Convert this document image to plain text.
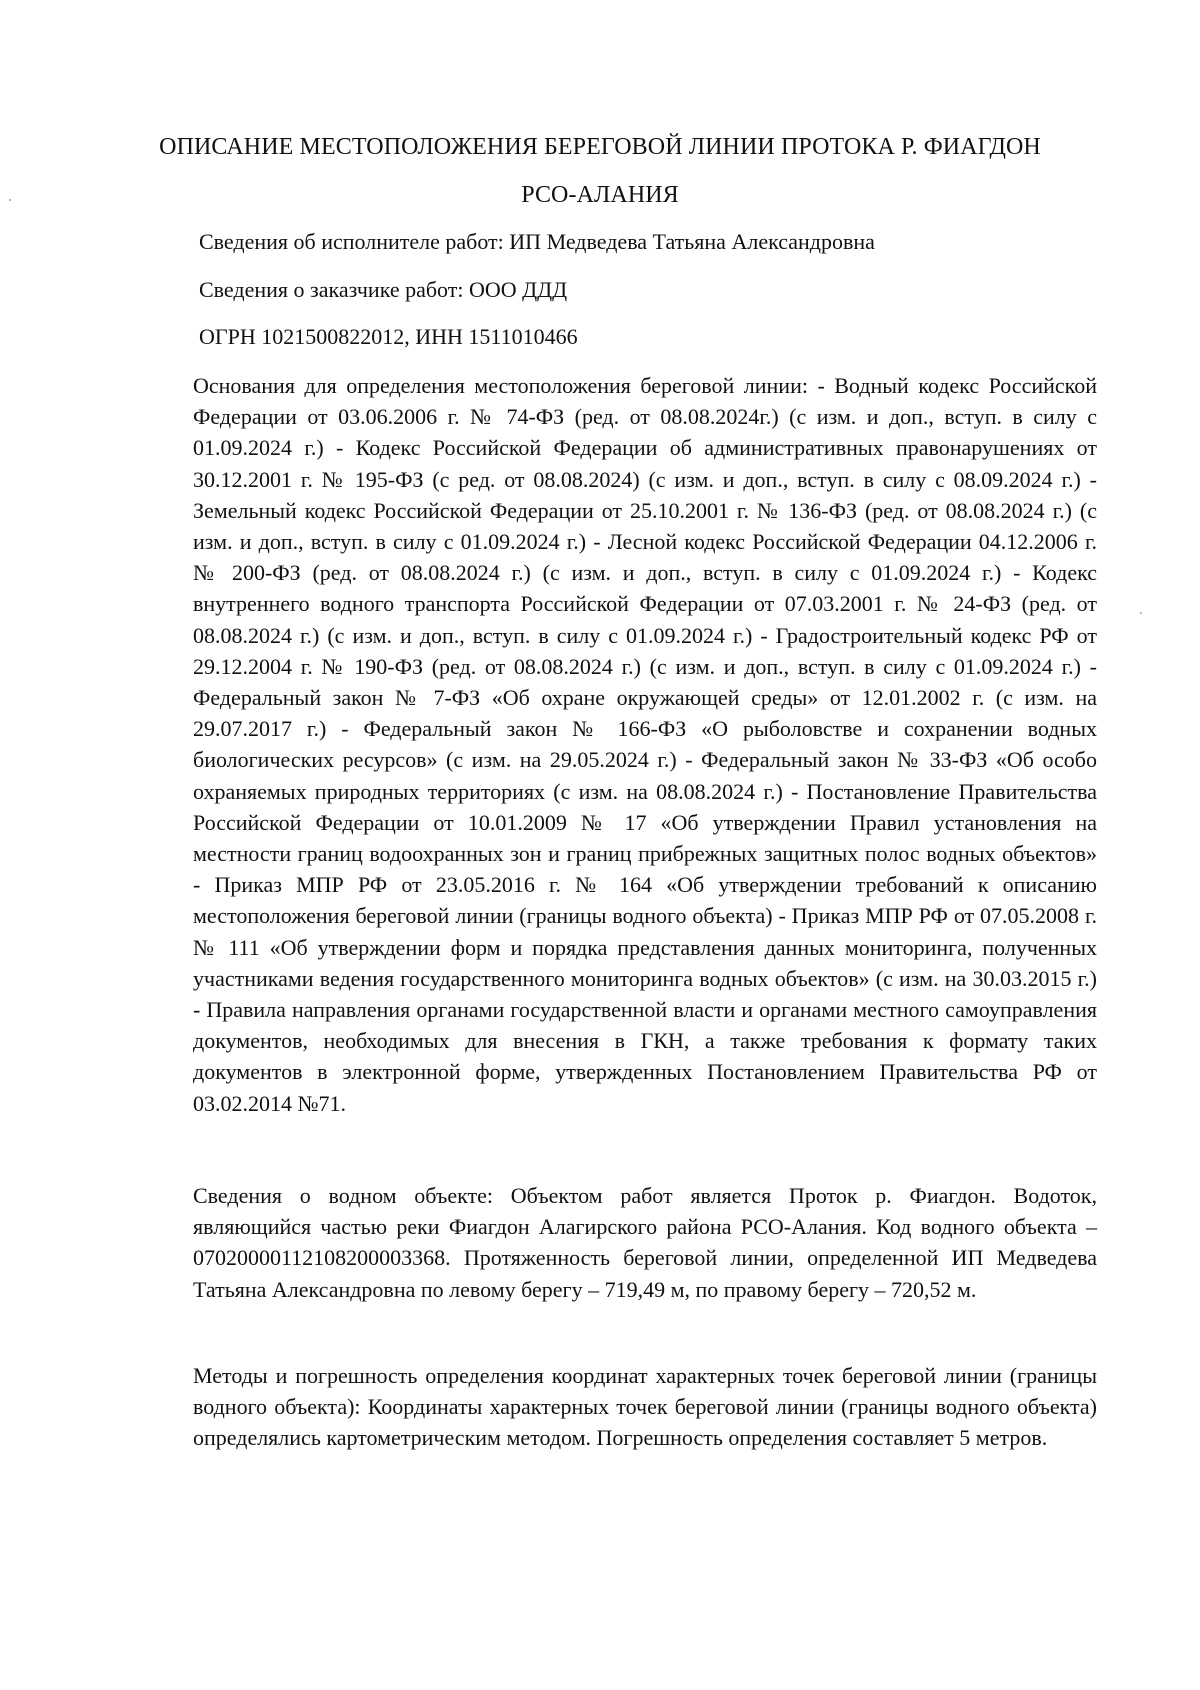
ОПИСАНИЕ МЕСТОПОЛОЖЕНИЯ БЕРЕГОВОЙ ЛИНИИ ПРОТОКА Р. ФИАГДОН
РСО-АЛАНИЯ
Сведения об исполнителе работ: ИП Медведева Татьяна Александровна
Сведения о заказчике работ: ООО ДДД
ОГРН 1021500822012, ИНН 1511010466

Основания для определения местоположения береговой линии: - Водный кодекс Российской Федерации от 03.06.2006 г. № 74-ФЗ (ред. от 08.08.2024г.) (с изм. и доп., вступ. в силу с 01.09.2024 г.) - Кодекс Российской Федерации об административных правонарушениях от 30.12.2001 г. № 195-ФЗ (с ред. от 08.08.2024) (с изм. и доп., вступ. в силу с 08.09.2024 г.) - Земельный кодекс Российской Федерации от 25.10.2001 г. № 136-ФЗ (ред. от 08.08.2024 г.) (с изм. и доп., вступ. в силу с 01.09.2024 г.) - Лесной кодекс Российской Федерации 04.12.2006 г. № 200-ФЗ (ред. от 08.08.2024 г.) (с изм. и доп., вступ. в силу с 01.09.2024 г.) - Кодекс внутреннего водного транспорта Российской Федерации от 07.03.2001 г. № 24-ФЗ (ред. от 08.08.2024 г.) (с изм. и доп., вступ. в силу с 01.09.2024 г.) - Градостроительный кодекс РФ от 29.12.2004 г. № 190-ФЗ (ред. от 08.08.2024 г.) (с изм. и доп., вступ. в силу с 01.09.2024 г.) - Федеральный закон № 7-ФЗ «Об охране окружающей среды» от 12.01.2002 г. (с изм. на 29.07.2017 г.) - Федеральный закон № 166-ФЗ «О рыболовстве и сохранении водных биологических ресурсов» (с изм. на 29.05.2024 г.) - Федеральный закон № 33-ФЗ «Об особо охраняемых природных территориях (с изм. на 08.08.2024 г.) - Постановление Правительства Российской Федерации от 10.01.2009 № 17 «Об утверждении Правил установления на местности границ водоохранных зон и границ прибрежных защитных полос водных объектов» - Приказ МПР РФ от 23.05.2016 г. № 164 «Об утверждении требований к описанию местоположения береговой линии (границы водного объекта) - Приказ МПР РФ от 07.05.2008 г. № 111 «Об утверждении форм и порядка представления данных мониторинга, полученных участниками ведения государственного мониторинга водных объектов» (с изм. на 30.03.2015 г.) - Правила направления органами государственной власти и органами местного самоуправления документов, необходимых для внесения в ГКН, а также требования к формату таких документов в электронной форме, утвержденных Постановлением Правительства РФ от 03.02.2014 №71.

Сведения о водном объекте: Объектом работ является Проток р. Фиагдон. Водоток, являющийся частью реки Фиагдон Алагирского района РСО-Алания. Код водного объекта – 07020000112108200003368. Протяженность береговой линии, определенной ИП Медведева Татьяна Александровна по левому берегу – 719,49 м, по правому берегу – 720,52 м.

Методы и погрешность определения координат характерных точек береговой линии (границы водного объекта): Координаты характерных точек береговой линии (границы водного объекта) определялись картометрическим методом. Погрешность определения составляет 5 метров.
